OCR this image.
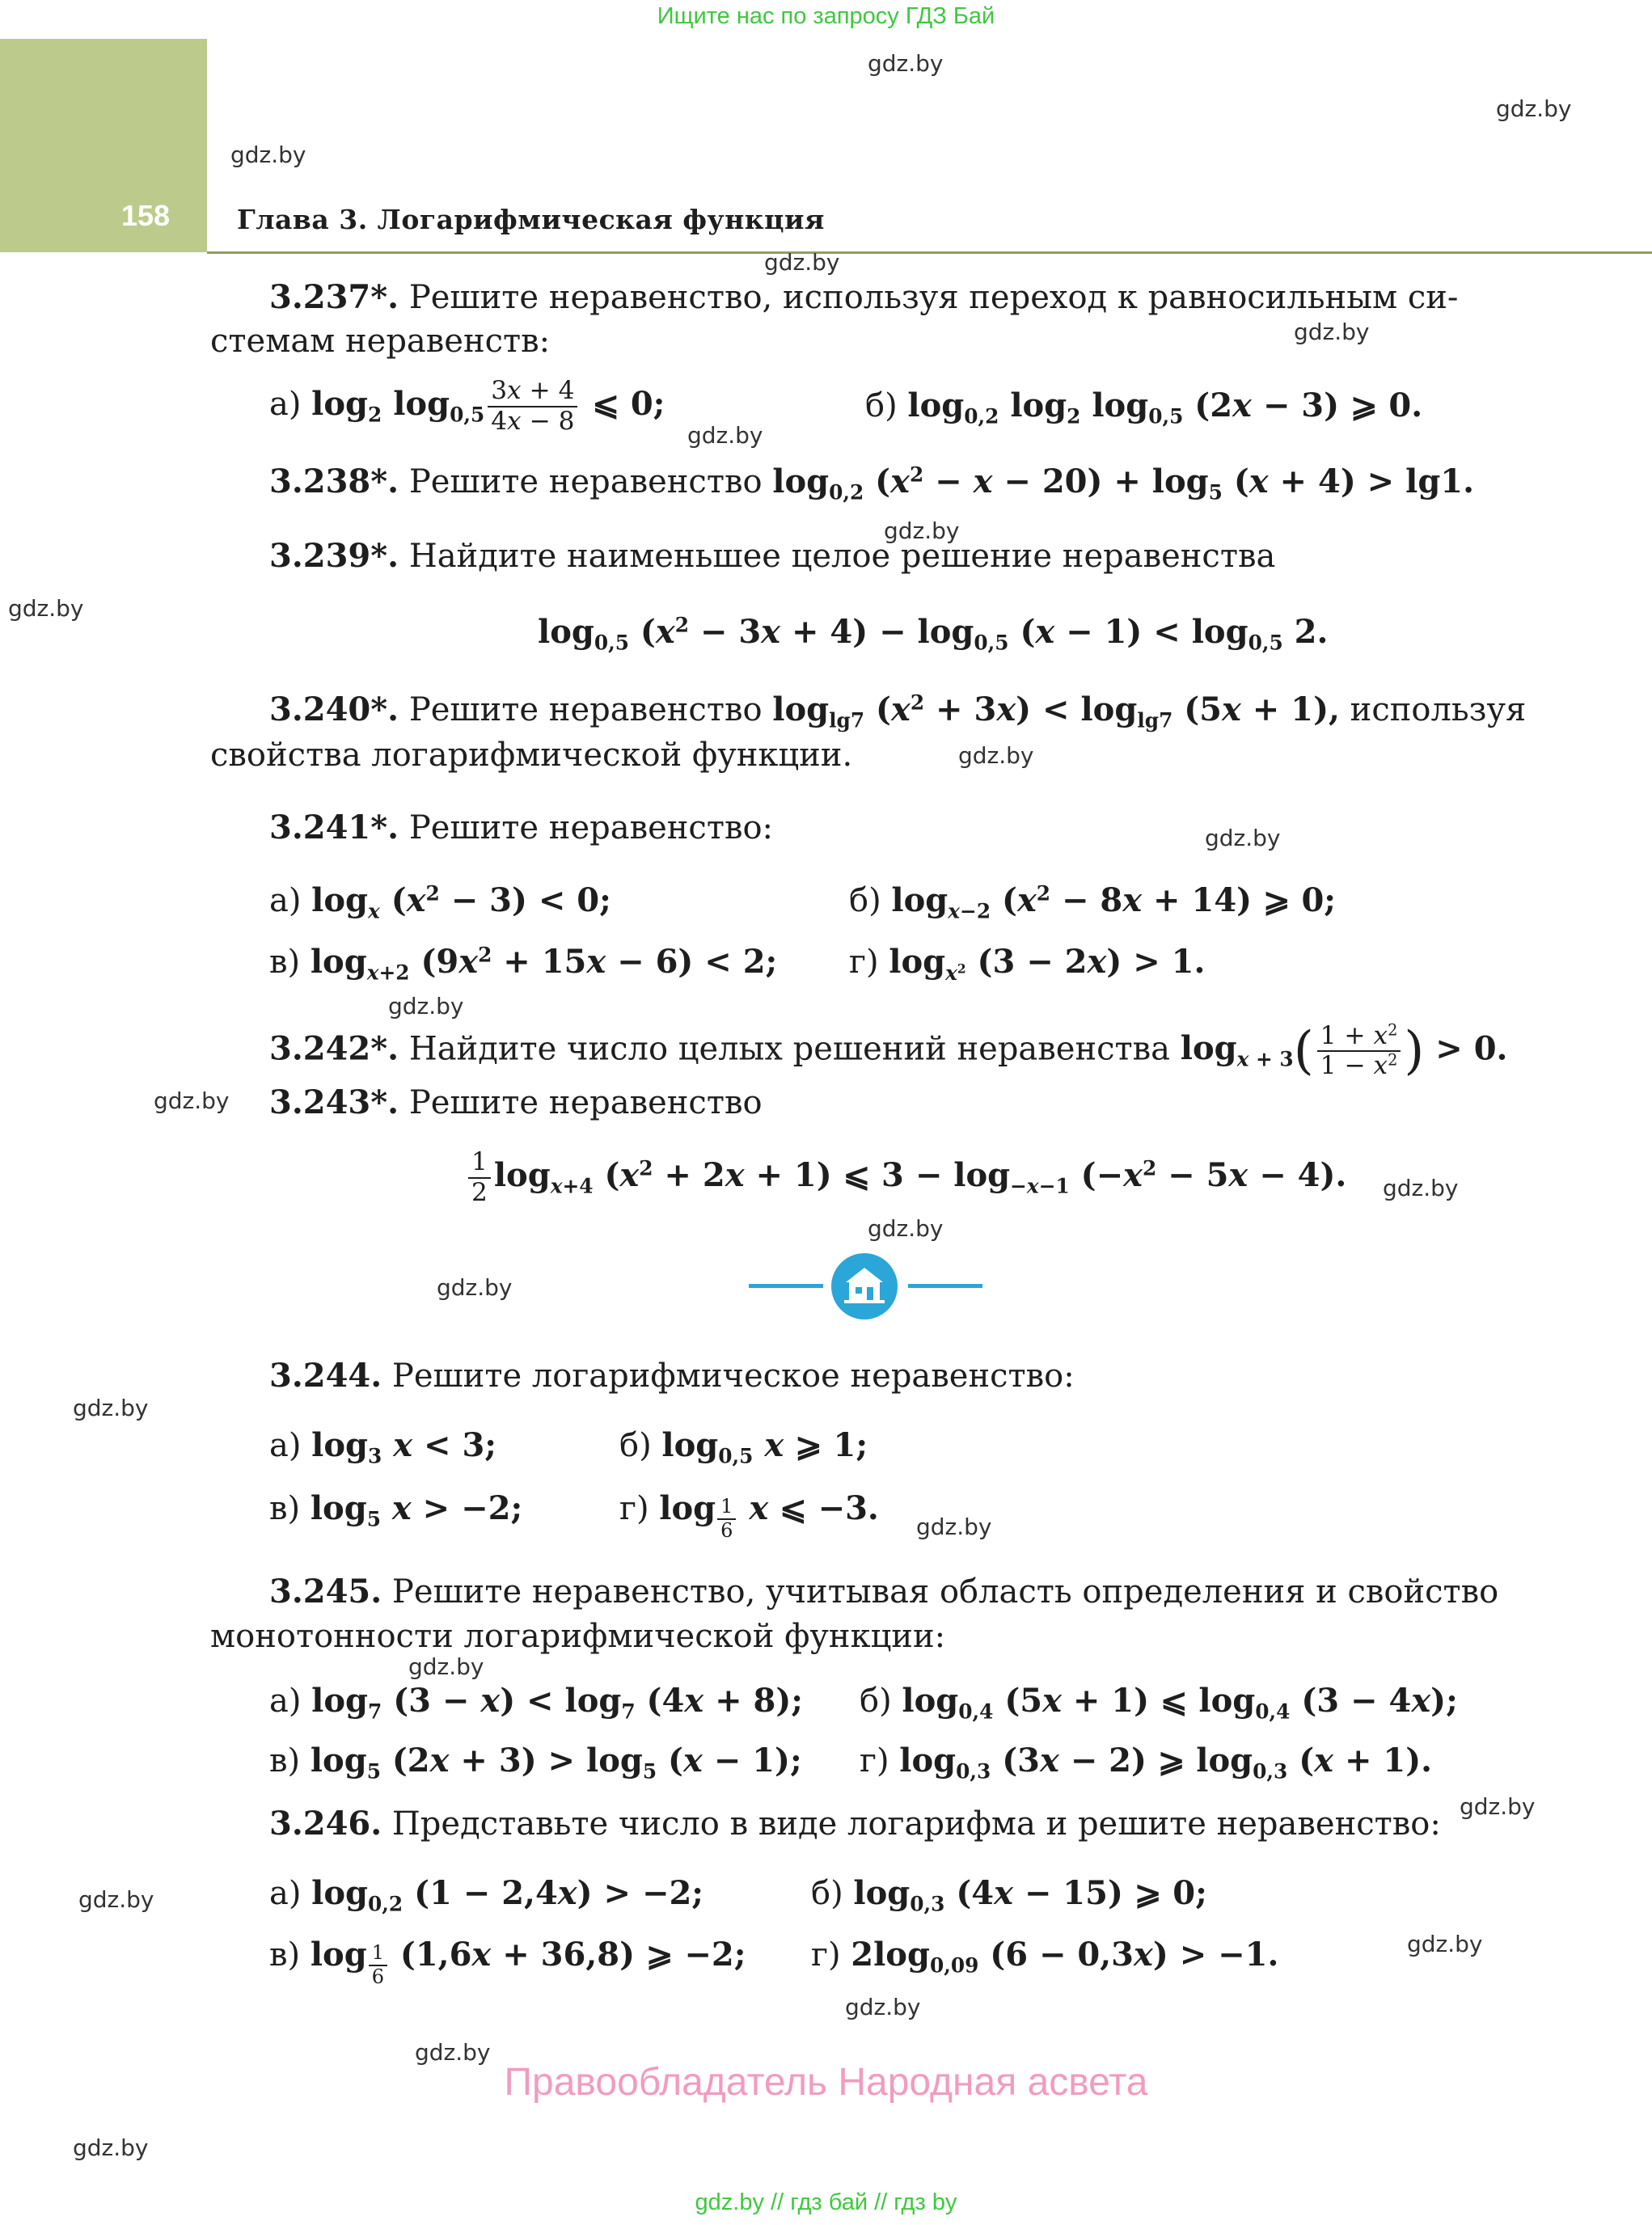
Ищите нас по запросу ГДЗ Бай
158	Глава 3. Логарифмическая функция
gdz.by
gdz.by
gdz.by
gdz.by
gdz.by
gdz.by
gdz.by
gdz.by
gdz.by
gdz.by
gdz.by
gdz.by
gdz.by
gdz.by
gdz.by
gdz.by
gdz.by
gdz.by
gdz.by
gdz.by
gdz.by
gdz.by
gdz.by
gdz.by
3.237*. Решите неравенство, используя переход к равносильным си-
стемам неравенств:
а) $\log_2 \log_{0,5} \frac{3x + 4}{4x - 8}$ ⩽ 0;	б) $\log_{0,2} \log_2 \log_{0,5} (2x - 3)$ ⩾ 0.
3.238*. Решите неравенство $\log_{0,2} (x^2 - x - 20) + \log_5 (x + 4) > \lg 1$.
3.239*. Найдите наименьшее целое решение неравенства
$\log_{0,5} (x^2 - 3x + 4) - \log_{0,5} (x - 1) < \log_{0,5} 2$.
3.240*. Решите неравенство $\log_{lg7} (x^2 + 3x) < \log_{lg7} (5x + 1)$, используя
свойства логарифмической функции.
3.241*. Решите неравенство:
а) $\log_x (x^2 - 3) < 0$;	б) $\log_{x-2} (x^2 - 8x + 14)$ ⩾ 0;
в) $\log_{x+2} (9x^2 + 15x - 6) < 2$; г) $\log_{x^2} (3 - 2x) > 1$.
3.242*. Найдите число целых решений неравенства $\log_{x + 3}( \frac{1 + x^2}{1 - x^2}$ ) > 0.
3.243*. Решите неравенство
$\frac{1}{2} \log_{x+4} (x^2 + 2x + 1)$ ⩽ $3 - \log_{-x-1} (-x^2 - 5x - 4)$.
3.244. Решите логарифмическое неравенство:
а) $\log_3 x < 3$;	б) $\log_{0,5} x$ ⩾ 1;
в) $\log_5 x > -2$;	г) $\log \frac{1}{6}$ x ⩽ −3.
3.245. Решите неравенство, учитывая область определения и свойство
монотонности логарифмической функции:
а) $\log_7 (3 - x) < \log_7 (4x + 8)$; б) $\log_{0,4} (5x + 1)$ ⩽ $\log_{0,4} (3 - 4x)$;
в) $\log_5 (2x + 3) > \log_5 (x - 1)$; г) $\log_{0,3} (3x - 2)$ ⩾ $\log_{0,3} (x + 1)$.
3.246. Представьте число в виде логарифма и решите неравенство:
а) $\log_{0,2} (1 - 2,4x) > -2$;	б) $\log_{0,3} (4x - 15)$ ⩾ 0;
в) $\log \frac{1}{6} (1,6x + 36,8)$ ⩾ −2; г) $2\log_{0,09}$ (6 − 0,3x) > −1.
Правообладатель Народная асвета
gdz.by // гдз бай // гдз by
